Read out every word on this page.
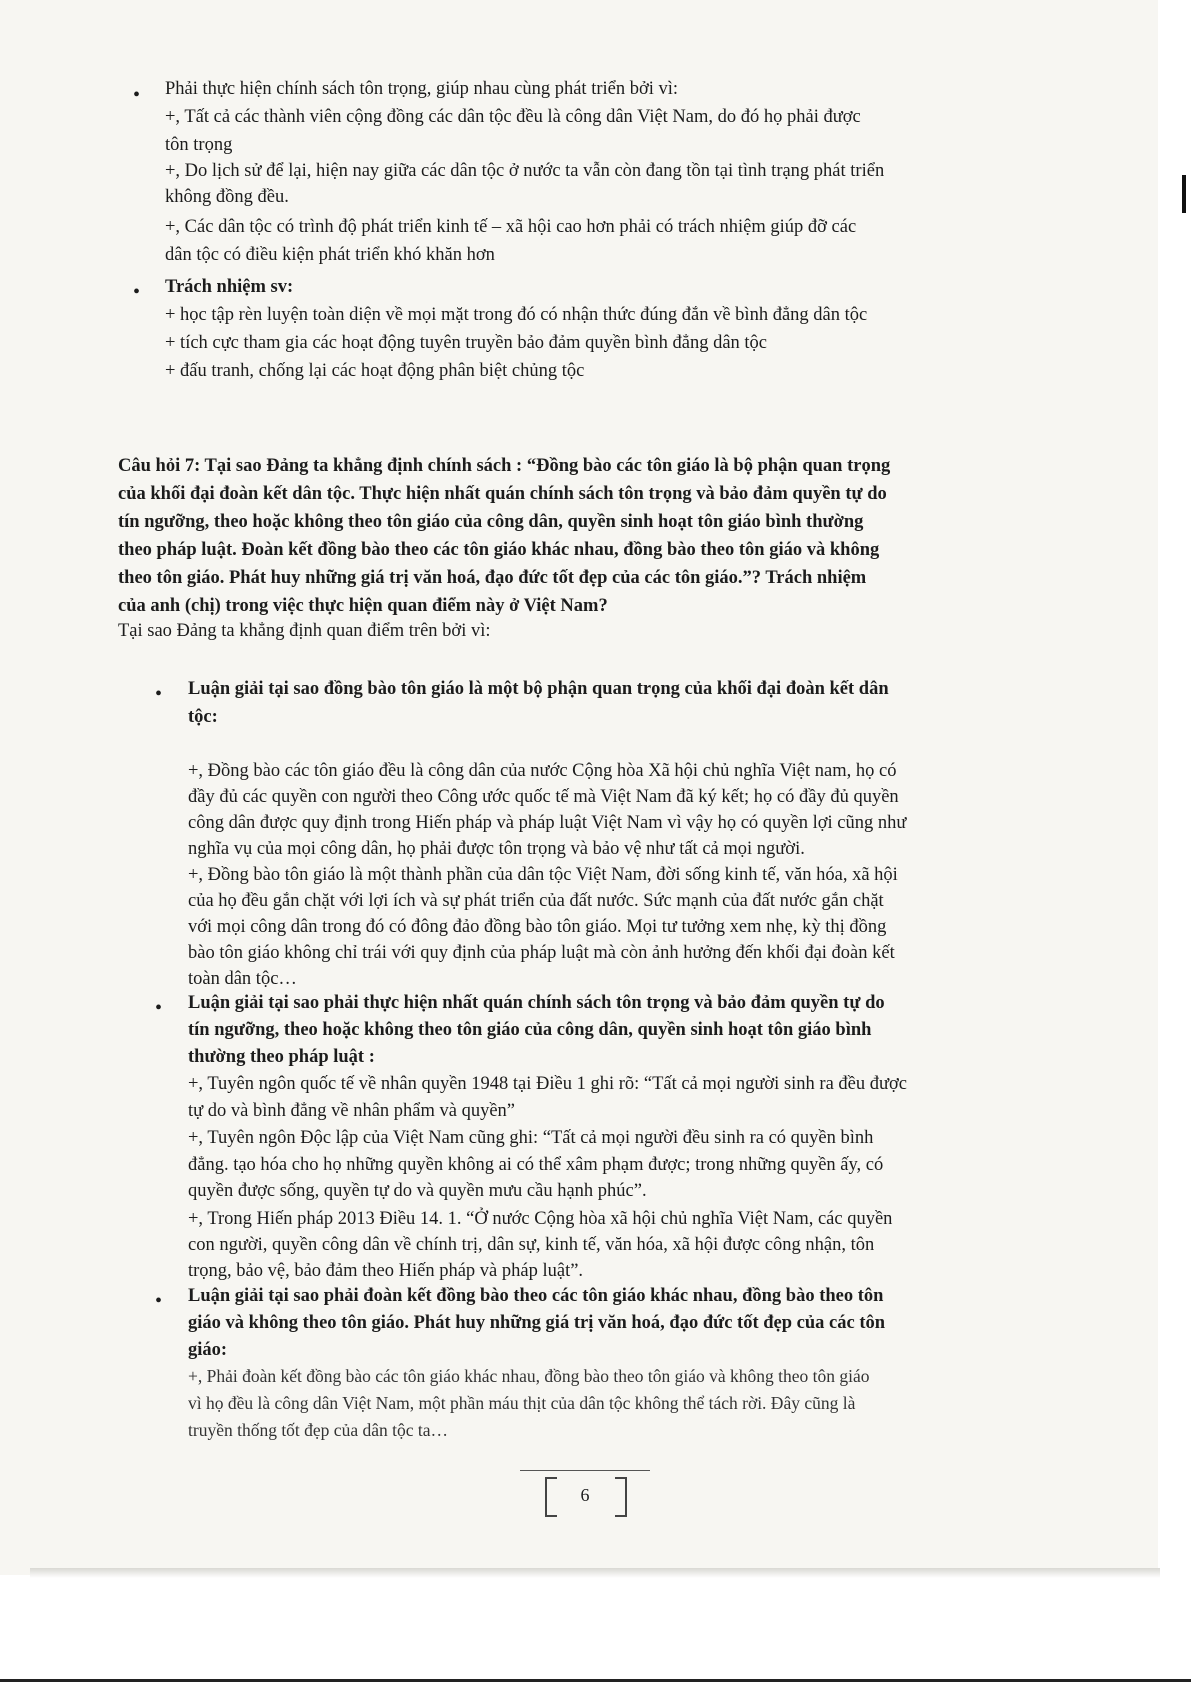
• Phải thực hiện chính sách tôn trọng, giúp nhau cùng phát triển bởi vì:
+, Tất cả các thành viên cộng đồng các dân tộc đều là công dân Việt Nam, do đó họ phải được
tôn trọng
+, Do lịch sử để lại, hiện nay giữa các dân tộc ở nước ta vẫn còn đang tồn tại tình trạng phát triển
không đồng đều.
+, Các dân tộc có trình độ phát triển kinh tế – xã hội cao hơn phải có trách nhiệm giúp đỡ các
dân tộc có điều kiện phát triển khó khăn hơn
• Trách nhiệm sv:
+ học tập rèn luyện toàn diện về mọi mặt trong đó có nhận thức đúng đắn về bình đẳng dân tộc
+ tích cực tham gia các hoạt động tuyên truyền bảo đảm quyền bình đẳng dân tộc
+ đấu tranh, chống lại các hoạt động phân biệt chủng tộc
Câu hỏi 7: Tại sao Đảng ta khẳng định chính sách : “Đồng bào các tôn giáo là bộ phận quan trọng
của khối đại đoàn kết dân tộc. Thực hiện nhất quán chính sách tôn trọng và bảo đảm quyền tự do
tín ngưỡng, theo hoặc không theo tôn giáo của công dân, quyền sinh hoạt tôn giáo bình thường
theo pháp luật. Đoàn kết đồng bào theo các tôn giáo khác nhau, đồng bào theo tôn giáo và không
theo tôn giáo. Phát huy những giá trị văn hoá, đạo đức tốt đẹp của các tôn giáo.”? Trách nhiệm
của anh (chị) trong việc thực hiện quan điểm này ở Việt Nam?
Tại sao Đảng ta khẳng định quan điểm trên bởi vì:
• Luận giải tại sao đồng bào tôn giáo là một bộ phận quan trọng của khối đại đoàn kết dân
tộc:
+, Đồng bào các tôn giáo đều là công dân của nước Cộng hòa Xã hội chủ nghĩa Việt nam, họ có
đầy đủ các quyền con người theo Công ước quốc tế mà Việt Nam đã ký kết; họ có đầy đủ quyền
công dân được quy định trong Hiến pháp và pháp luật Việt Nam vì vậy họ có quyền lợi cũng như
nghĩa vụ của mọi công dân, họ phải được tôn trọng và bảo vệ như tất cả mọi người.
+, Đồng bào tôn giáo là một thành phần của dân tộc Việt Nam, đời sống kinh tế, văn hóa, xã hội
của họ đều gắn chặt với lợi ích và sự phát triển của đất nước. Sức mạnh của đất nước gắn chặt
với mọi công dân trong đó có đông đảo đồng bào tôn giáo. Mọi tư tưởng xem nhẹ, kỳ thị đồng
bào tôn giáo không chỉ trái với quy định của pháp luật mà còn ảnh hưởng đến khối đại đoàn kết
toàn dân tộc…
• Luận giải tại sao phải thực hiện nhất quán chính sách tôn trọng và bảo đảm quyền tự do
tín ngưỡng, theo hoặc không theo tôn giáo của công dân, quyền sinh hoạt tôn giáo bình
thường theo pháp luật :
+, Tuyên ngôn quốc tế về nhân quyền 1948 tại Điều 1 ghi rõ: “Tất cả mọi người sinh ra đều được
tự do và bình đẳng về nhân phẩm và quyền”
+, Tuyên ngôn Độc lập của Việt Nam cũng ghi: “Tất cả mọi người đều sinh ra có quyền bình
đẳng. tạo hóa cho họ những quyền không ai có thể xâm phạm được; trong những quyền ấy, có
quyền được sống, quyền tự do và quyền mưu cầu hạnh phúc”.
+, Trong Hiến pháp 2013 Điều 14. 1. “Ở nước Cộng hòa xã hội chủ nghĩa Việt Nam, các quyền
con người, quyền công dân về chính trị, dân sự, kinh tế, văn hóa, xã hội được công nhận, tôn
trọng, bảo vệ, bảo đảm theo Hiến pháp và pháp luật”.
• Luận giải tại sao phải đoàn kết đồng bào theo các tôn giáo khác nhau, đồng bào theo tôn
giáo và không theo tôn giáo. Phát huy những giá trị văn hoá, đạo đức tốt đẹp của các tôn
giáo:
+, Phải đoàn kết đồng bào các tôn giáo khác nhau, đồng bào theo tôn giáo và không theo tôn giáo
vì họ đều là công dân Việt Nam, một phần máu thịt của dân tộc không thể tách rời. Đây cũng là
truyền thống tốt đẹp của dân tộc ta…
6
